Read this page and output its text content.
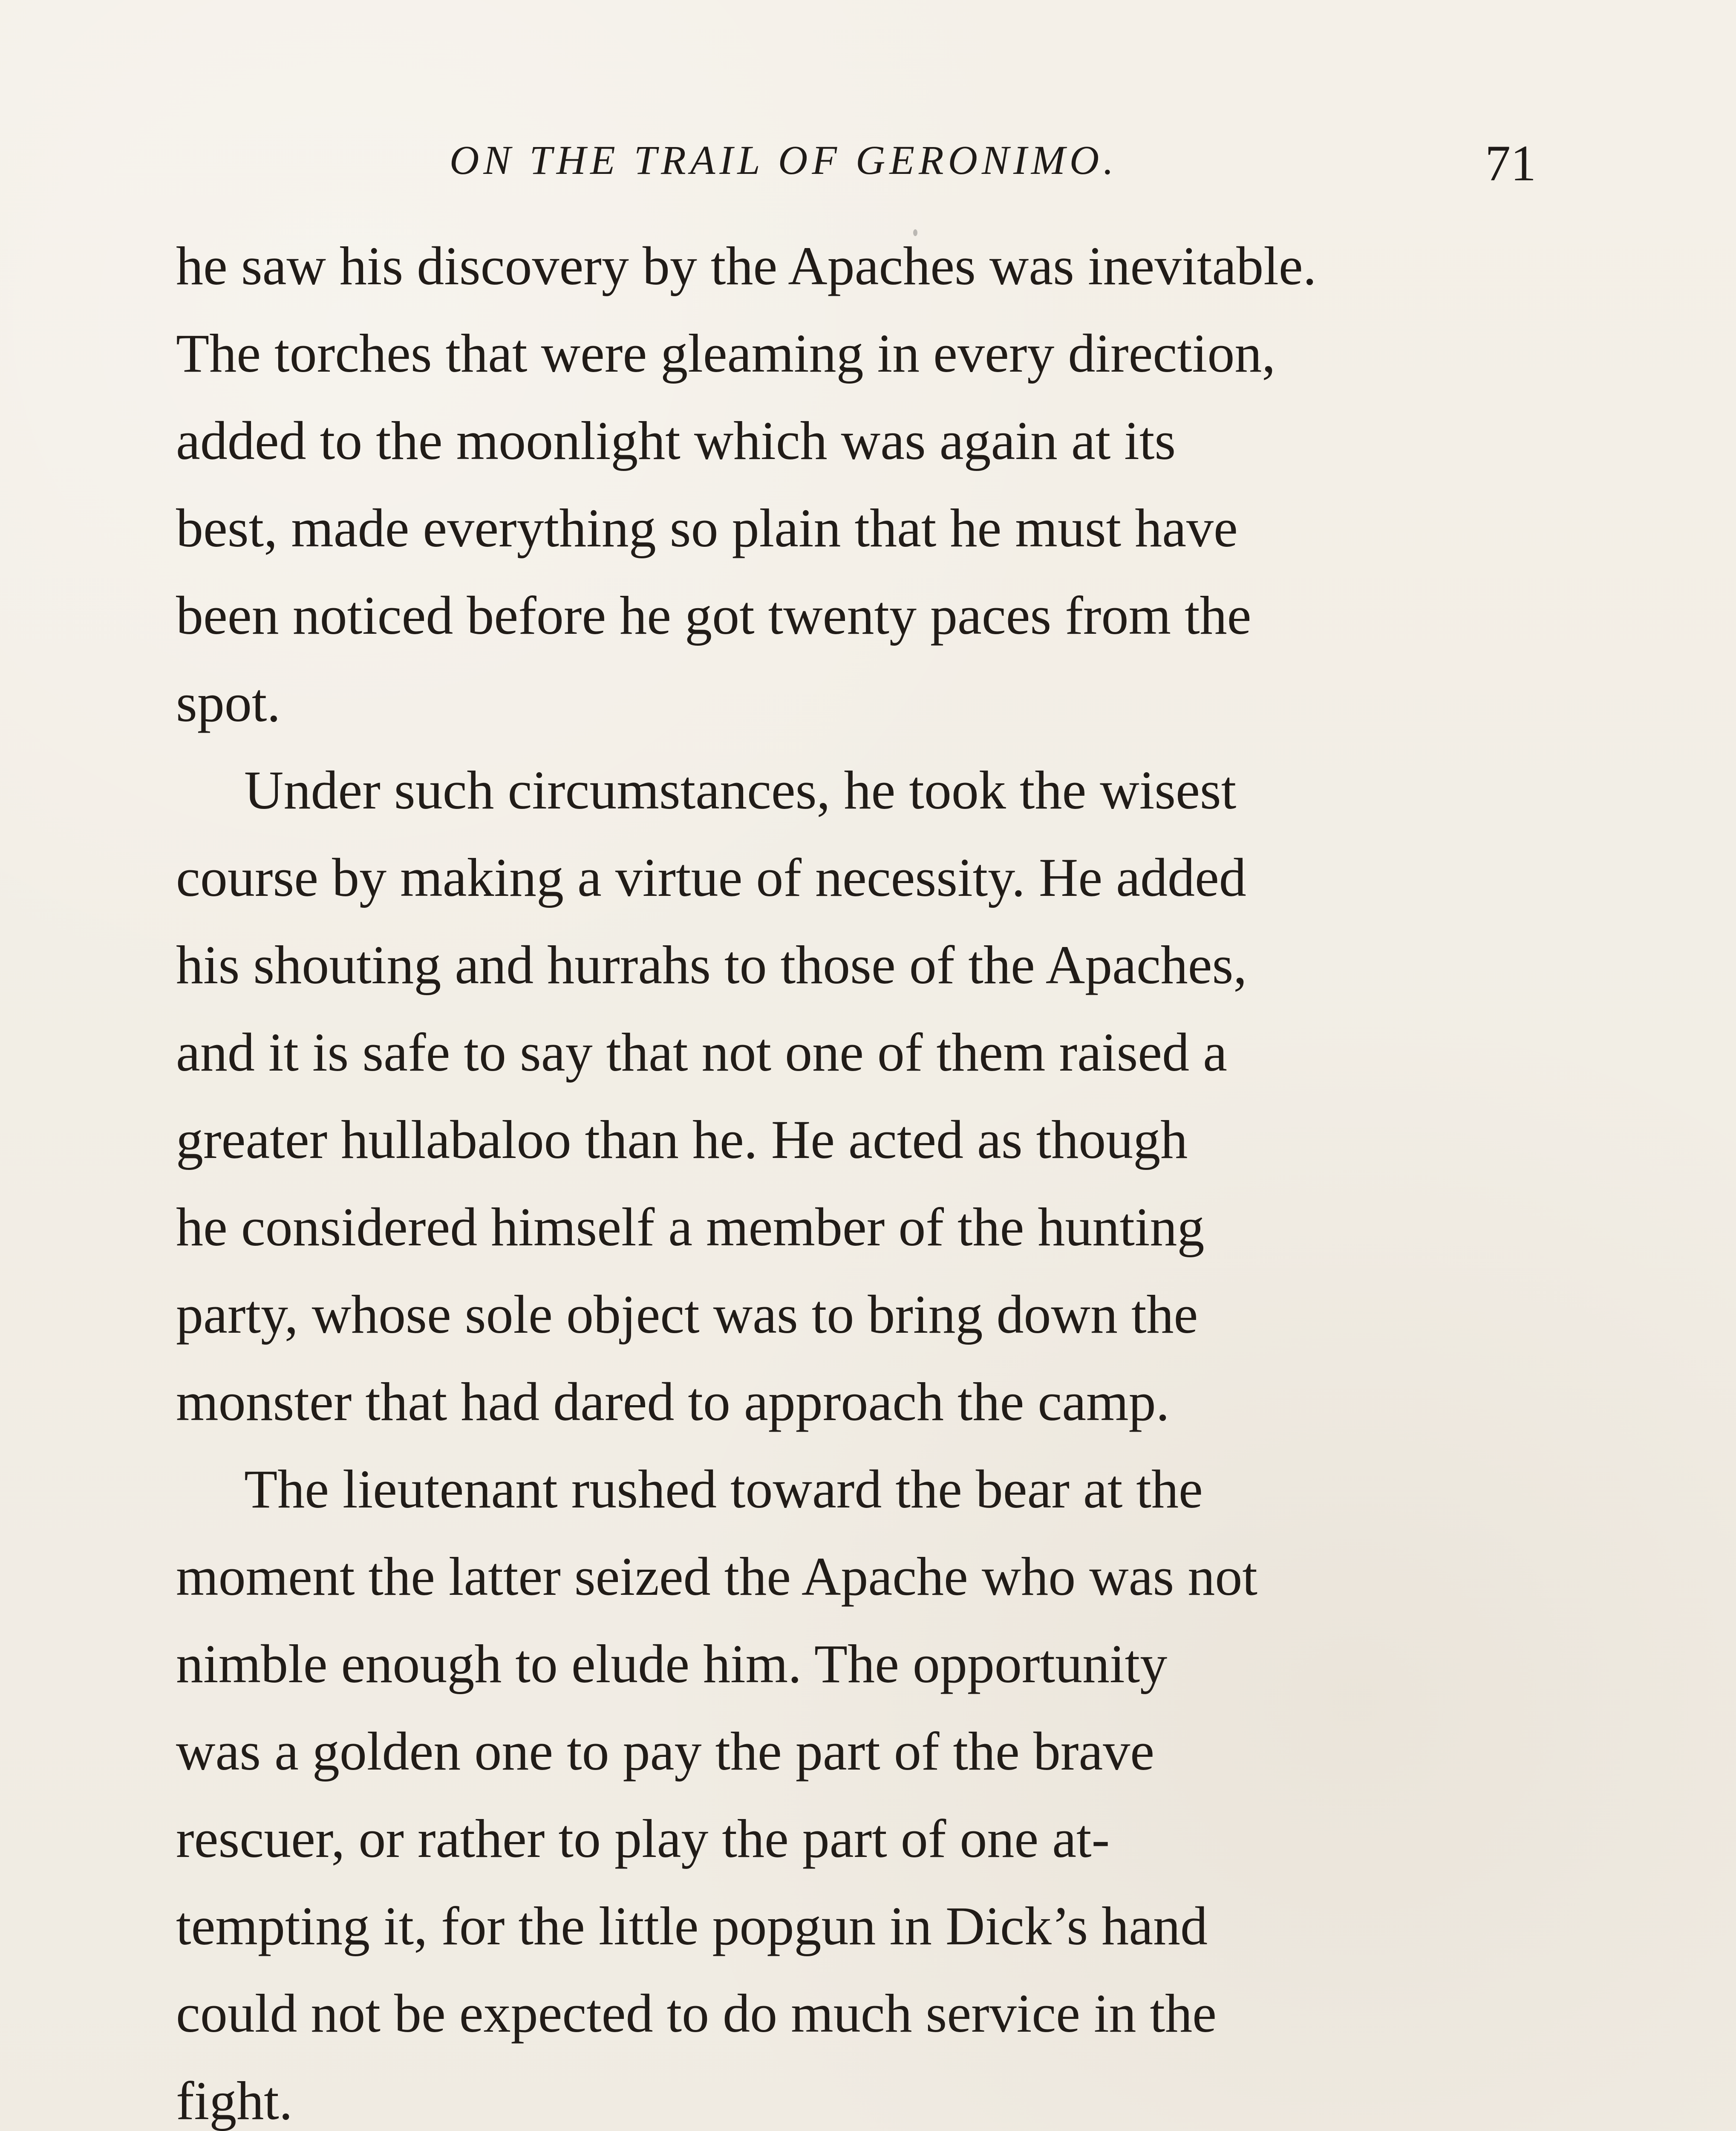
ON THE TRAIL OF GERONIMO.	71
he saw his discovery by the Apaches was inevitable.
The torches that were gleaming in every direction,
added to the moonlight which was again at its
best, made everything so plain that he must have
been noticed before he got twenty paces from the
spot.
Under such circumstances, he took the wisest
course by making a virtue of necessity. He added
his shouting and hurrahs to those of the Apaches,
and it is safe to say that not one of them raised a
greater hullabaloo than he. He acted as though
he considered himself a member of the hunting
party, whose sole object was to bring down the
monster that had dared to approach the camp.
The lieutenant rushed toward the bear at the
moment the latter seized the Apache who was not
nimble enough to elude him. The opportunity
was a golden one to pay the part of the brave
rescuer, or rather to play the part of one at-
tempting it, for the little popgun in Dick’s hand
could not be expected to do much service in the
fight.
